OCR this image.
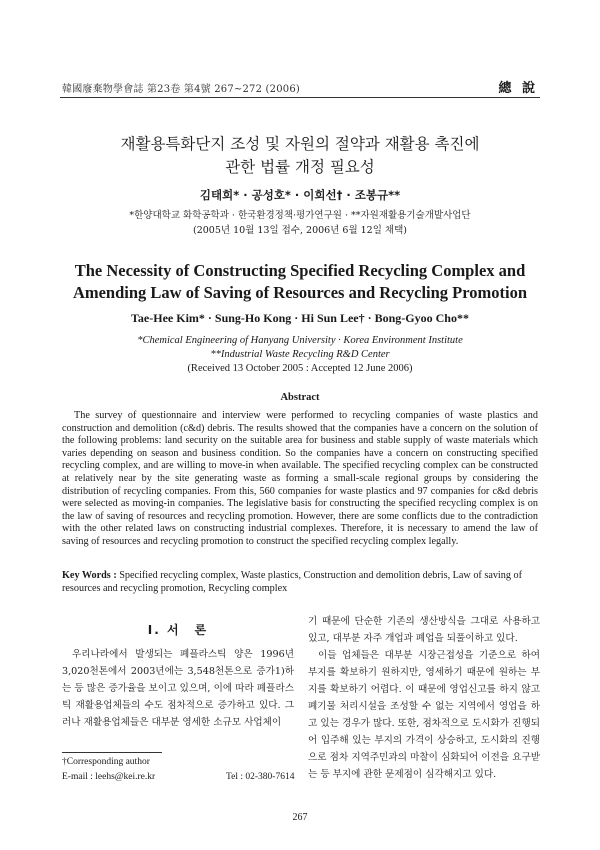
韓國廢棄物學會誌 第23卷 第4號 267~272 (2006)	總 說
재활용특화단지 조성 및 자원의 절약과 재활용 촉진에
관한 법률 개정 필요성
김태희* · 공성호* · 이희선† · 조봉규**
*한양대학교 화학공학과 · 한국환경정책·평가연구원 · **자원재활용기술개발사업단
(2005년 10월 13일 접수, 2006년 6월 12일 채택)
The Necessity of Constructing Specified Recycling Complex and
Amending Law of Saving of Resources and Recycling Promotion
Tae-Hee Kim* · Sung-Ho Kong · Hi Sun Lee† · Bong-Gyoo Cho**
*Chemical Engineering of Hanyang University · Korea Environment Institute
**Industrial Waste Recycling R&D Center
(Received 13 October 2005 : Accepted 12 June 2006)
Abstract

The survey of questionnaire and interview were performed to recycling companies of waste plastics and construction and demolition (c&d) debris. The results showed that the companies have a concern on the solution of the following problems: land security on the suitable area for business and stable supply of waste materials which varies depending on season and business condition. So the companies have a concern on constructing specified recycling complex, and are willing to move-in when available. The specified recycling complex can be constructed at relatively near by the site generating waste as forming a small-scale regional groups by considering the distribution of recycling companies. From this, 560 companies for waste plastics and 97 companies for c&d debris were selected as moving-in companies. The legislative basis for constructing the specified recycling complex is on the law of saving of resources and recycling promotion. However, there are some conflicts due to the contradiction with the other related laws on constructing industrial complexes. Therefore, it is necessary to amend the law of saving of resources and recycling promotion to construct the specified recycling complex legally.

Key Words : Specified recycling complex, Waste plastics, Construction and demolition debris, Law of saving of resources and recycling promotion, Recycling complex

I. 서　론

우리나라에서 발생되는 폐플라스틱 양은 1996년 3,020천톤에서 2003년에는 3,548천톤으로 증가1)하는 등 많은 증가율을 보이고 있으며, 이에 따라 폐플라스틱 재활용업체들의 수도 점차적으로 증가하고 있다. 그러나 재활용업체들은 대부분 영세한 소규모 사업체이

기 때문에 단순한 기존의 생산방식을 그대로 사용하고 있고, 대부분 자주 개업과 폐업을 되풀이하고 있다.

이들 업체들은 대부분 시장근접성을 기준으로 하여 부지를 확보하기 원하지만, 영세하기 때문에 원하는 부지를 확보하기 어렵다. 이 때문에 영업신고를 하지 않고 폐기물 처리시설을 조성할 수 없는 지역에서 영업을 하고 있는 경우가 많다. 또한, 점차적으로 도시화가 진행되어 입주해 있는 부지의 가격이 상승하고, 도시화의 진행으로 점차 지역주민과의 마찰이 심화되어 이전을 요구받는 등 부지에 관한 문제점이 심각해지고 있다.

†Corresponding author
E-mail : leehs@kei.re.kr	Tel : 02-380-7614
267
